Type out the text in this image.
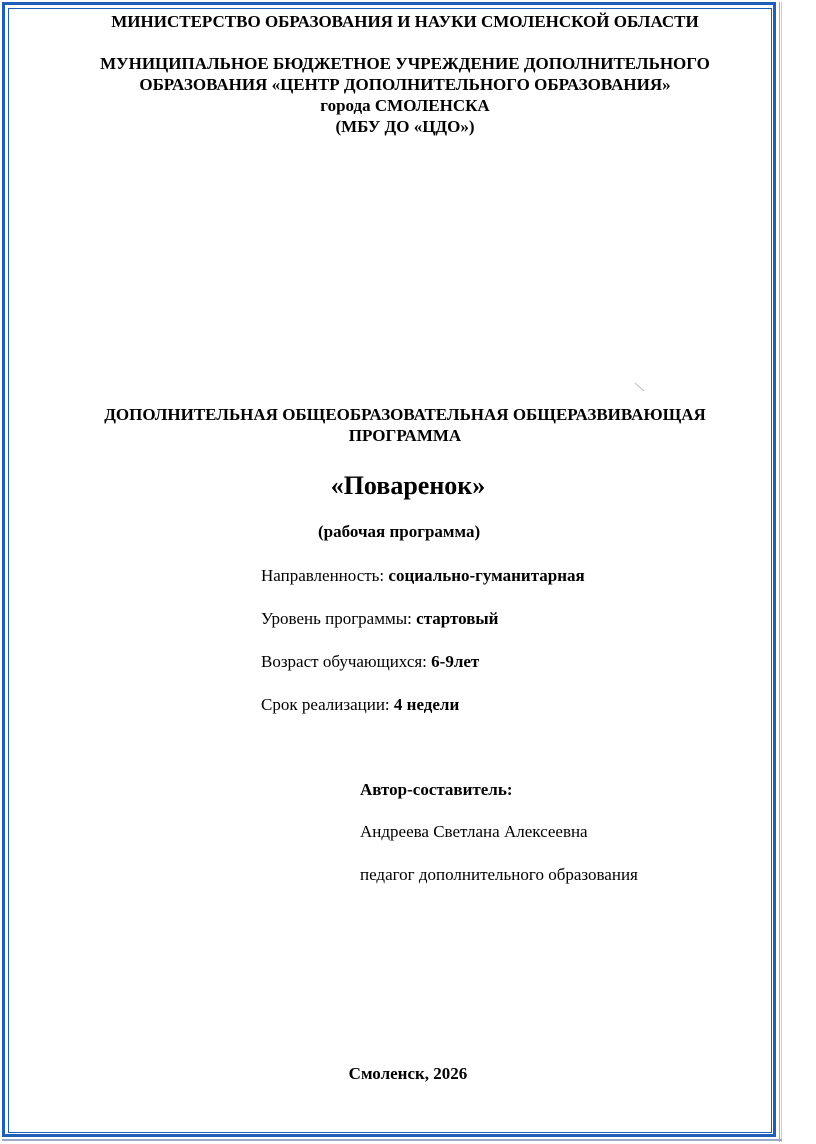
МИНИСТЕРСТВО ОБРАЗОВАНИЯ И НАУКИ СМОЛЕНСКОЙ ОБЛАСТИ
МУНИЦИПАЛЬНОЕ БЮДЖЕТНОЕ УЧРЕЖДЕНИЕ ДОПОЛНИТЕЛЬНОГО
ОБРАЗОВАНИЯ «ЦЕНТР ДОПОЛНИТЕЛЬНОГО ОБРАЗОВАНИЯ»
города СМОЛЕНСКА
(МБУ ДО «ЦДО»)
ДОПОЛНИТЕЛЬНАЯ ОБЩЕОБРАЗОВАТЕЛЬНАЯ ОБЩЕРАЗВИВАЮЩАЯ
ПРОГРАММА
«Поваренок»
(рабочая программа)
Направленность: социально-гуманитарная
Уровень программы: стартовый
Возраст обучающихся: 6-9лет
Срок реализации: 4 недели
Автор-составитель:
Андреева Светлана Алексеевна
педагог дополнительного образования
Смоленск, 2026
